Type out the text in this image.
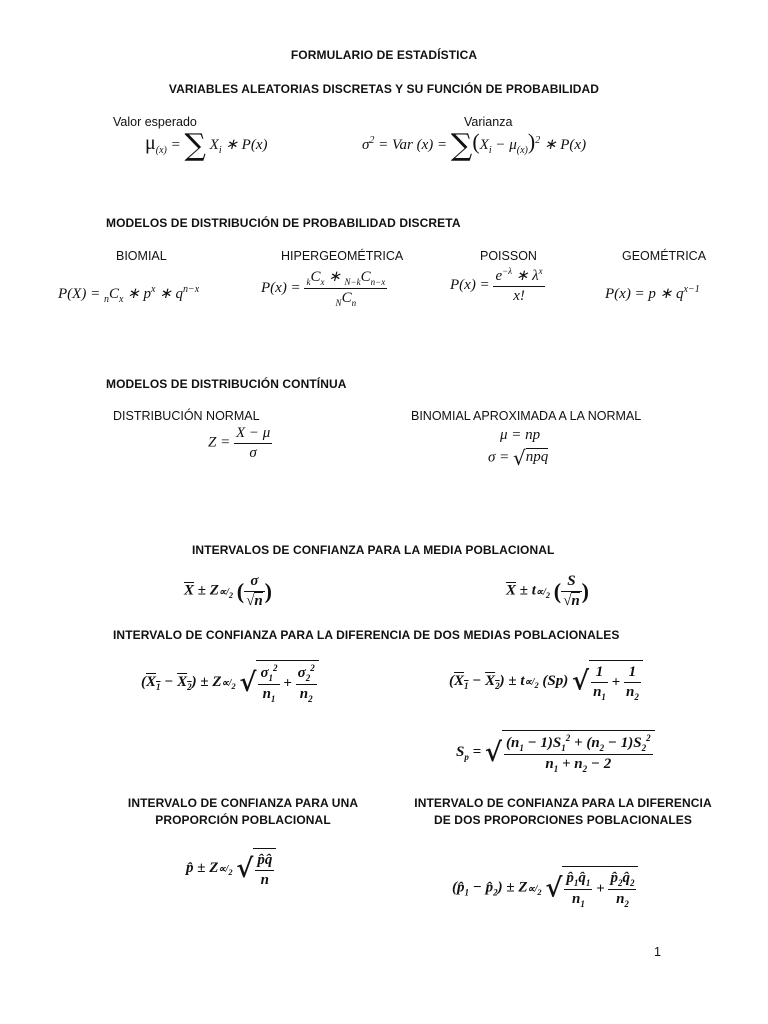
FORMULARIO DE ESTADÍSTICA
VARIABLES ALEATORIAS DISCRETAS Y SU FUNCIÓN DE PROBABILIDAD
Valor esperado	Varianza
$\mu_{(x)}$ = ∑ $X_i$ ∗ P(x)	$\sigma^2$ = Var $(x) = \sum(X_i - \mu_{(x)})^2$ ∗ P(x)
MODELOS DE DISTRIBUCIÓN DE PROBABILIDAD DISCRETA
BIOMIAL	HIPERGEOMÉTRICA	POISSON	GEOMÉTRICA
$P(X) = _nC_x$ ∗ $p^x$ ∗ $q^{n-x}$	$P(x) = \frac{_kC_x ∗ _{N-k}C_{n-x}}{_NC_n}$	$P(x) = \frac{e^{-\lambda} ∗ \lambda^x}{x!}$	P(x) = p ∗ $q^{x-1}$
MODELOS DE DISTRIBUCIÓN CONTÍNUA
DISTRIBUCIÓN NORMAL	BINOMIAL APROXIMADA A LA NORMAL
$Z = \frac{X - \mu}{\sigma}$	μ = np
σ = √npq
INTERVALOS DE CONFIANZA PARA LA MEDIA POBLACIONAL
$\overline{X} \pm Z\propto/_2$ ( $\frac{\sigma}{√n}$ )	$\overline{X} \pm t\propto/_2$ ( $\frac{S}{√n}$ )
INTERVALO DE CONFIANZA PARA LA DIFERENCIA DE DOS MEDIAS POBLACIONALES
$(X_1 - X_2) \pm Z\propto/_2$ √ $\frac{\sigma_1^2}{n_1} + \frac{\sigma_2^2}{n_2}$	$(X_1 - X_2) \pm t\propto/_2$ (Sp) √ $\frac{1}{n_1} + \frac{1}{n_2}$
$S_p$ = √ $\frac{(n_1 - 1)S_1^2 + (n_2 - 1)S_2^2}{n_1 + n_2 - 2}$
INTERVALO DE CONFIANZA PARA UNA
PROPORCIÓN POBLACIONAL
INTERVALO DE CONFIANZA PARA LA DIFERENCIA
DE DOS PROPORCIONES POBLACIONALES
p̂ ± $Z\propto/_2$ √ $\frac{p̂q̂}{n}$	($p̂_1$ − $p̂_2) \pm Z\propto/_2$ √ $\frac{p̂_1q̂_1}{n_1} + \frac{p̂_2q̂_2}{n_2}$
1
